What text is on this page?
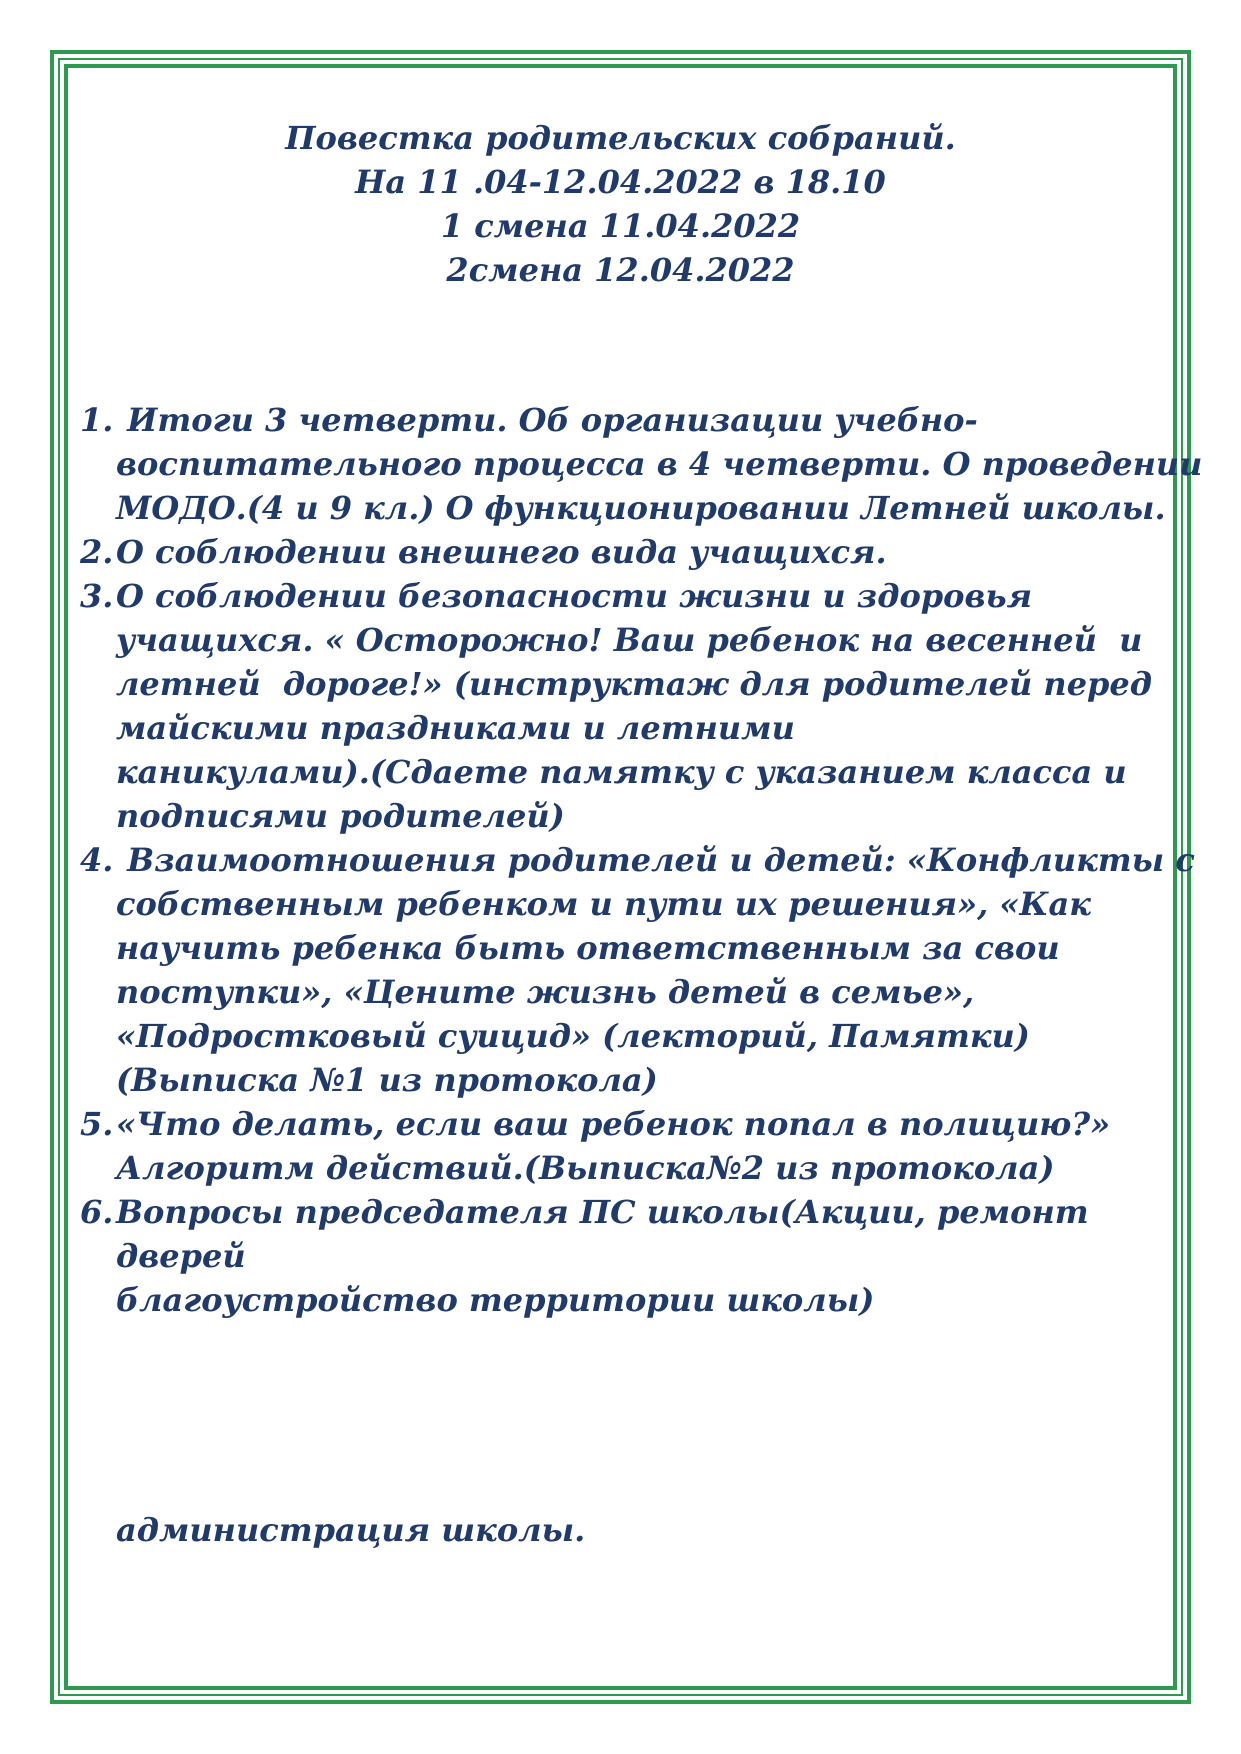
Повестка родительских собраний.
На 11 .04-12.04.2022 в 18.10
1 смена 11.04.2022
2смена 12.04.2022
1. Итоги 3 четверти. Об организации учебно-
воспитательного процесса в 4 четверти. О проведении
МОДО.(4 и 9 кл.) О функционировании Летней школы.
2. О соблюдении внешнего вида учащихся.
3. О соблюдении безопасности жизни и здоровья
учащихся. « Осторожно! Ваш ребенок на весенней  и
летней  дороге!» (инструктаж для родителей перед
майскими праздниками и летними
каникулами).(Сдаете памятку с указанием класса и
подписями родителей)
4. Взаимоотношения родителей и детей: «Конфликты с
собственным ребенком и пути их решения», «Как
научить ребенка быть ответственным за свои
поступки», «Цените жизнь детей в семье»,
«Подростковый суицид» (лекторий, Памятки)
(Выписка №1 из протокола)
5. «Что делать, если ваш ребенок попал в полицию?»
Алгоритм действий.(Выписка№2 из протокола)
6. Вопросы председателя ПС школы(Акции, ремонт
дверей
благоустройство территории школы)
администрация школы.
